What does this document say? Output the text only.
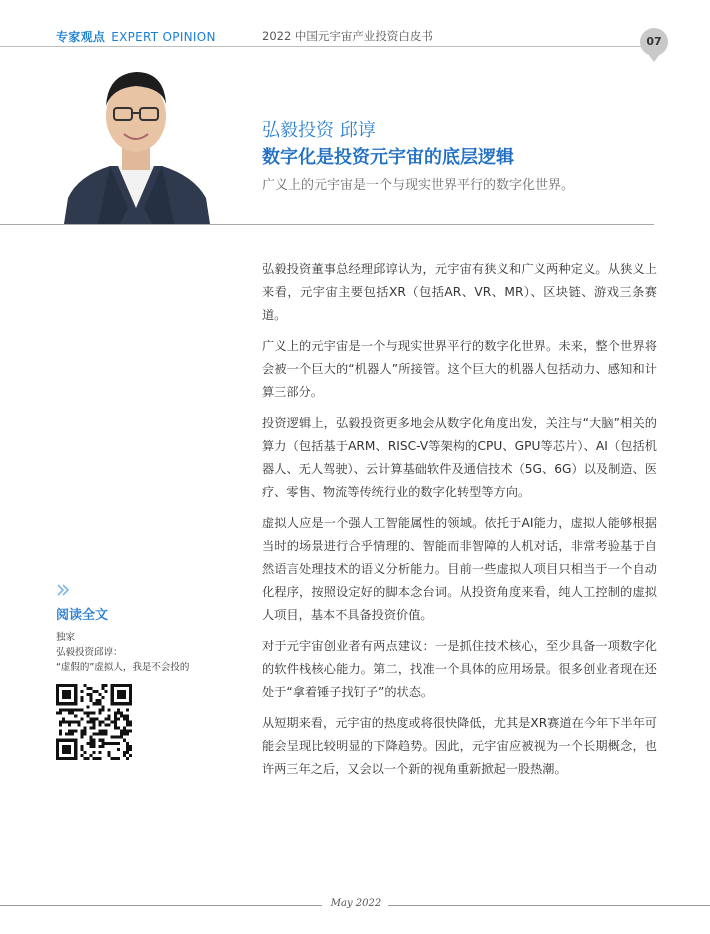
专家观点 EXPERT OPINION	2022 中国元宇宙产业投资白皮书	07
弘毅投资 邱谆
数字化是投资元宇宙的底层逻辑
广义上的元宇宙是一个与现实世界平行的数字化世界。

弘毅投资董事总经理邱谆认为，元宇宙有狭义和广义两种定义。从狭义上来看，元宇宙主要包括XR（包括AR、VR、MR）、区块链、游戏三条赛道。

广义上的元宇宙是一个与现实世界平行的数字化世界。未来，整个世界将会被一个巨大的“机器人”所接管。这个巨大的机器人包括动力、感知和计算三部分。

投资逻辑上，弘毅投资更多地会从数字化角度出发，关注与“大脑”相关的算力（包括基于ARM、RISC-V等架构的CPU、GPU等芯片）、AI（包括机器人、无人驾驶）、云计算基础软件及通信技术（5G、6G）以及制造、医疗、零售、物流等传统行业的数字化转型等方向。

虚拟人应是一个强人工智能属性的领域。依托于AI能力，虚拟人能够根据当时的场景进行合乎情理的、智能而非智障的人机对话，非常考验基于自然语言处理技术的语义分析能力。目前一些虚拟人项目只相当于一个自动化程序，按照设定好的脚本念台词。从投资角度来看，纯人工控制的虚拟人项目，基本不具备投资价值。

对于元宇宙创业者有两点建议：一是抓住技术核心，至少具备一项数字化的软件栈核心能力。第二，找准一个具体的应用场景。很多创业者现在还处于“拿着锤子找钉子”的状态。

从短期来看，元宇宙的热度或将很快降低，尤其是XR赛道在今年下半年可能会呈现比较明显的下降趋势。因此，元宇宙应被视为一个长期概念，也许两三年之后，又会以一个新的视角重新掀起一股热潮。

阅读全文
独家
弘毅投资邱谆：
“虚假的”虚拟人，我是不会投的
May 2022
